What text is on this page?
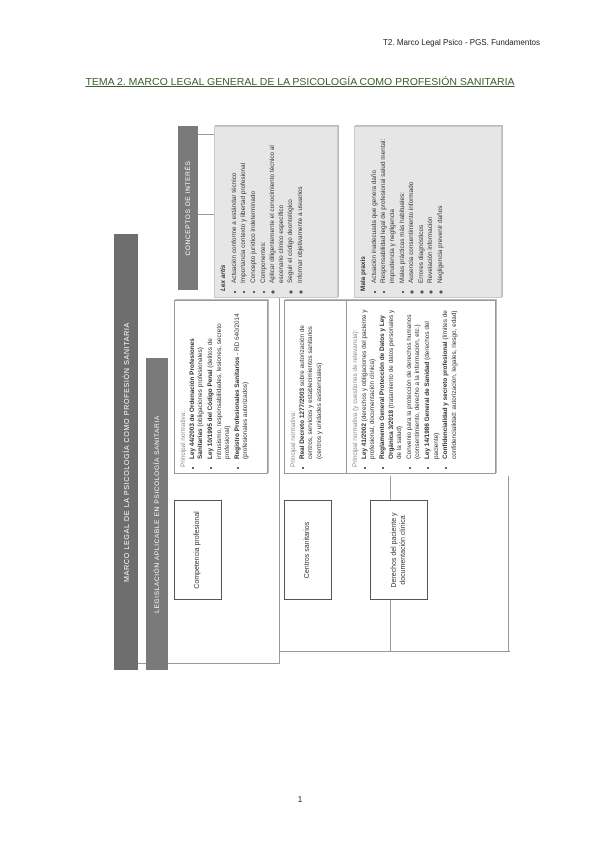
T2. Marco Legal Psico - PGS. Fundamentos
TEMA 2. MARCO LEGAL GENERAL DE LA PSICOLOGÍA COMO PROFESIÓN SANITARIA
MARCO LEGAL DE LA PSICOLOGÍA COMO PROFESIÓN SANITARIA	LEGISLACIÓN APLICABLE EN PSICOLOGÍA SANITARIA
CONCEPTOS DE INTERÉS
Competencia profesional
Principal normativa: • Ley 44/2003 de Ordenación Profesiones Sanitarias (obligaciones profesionales) • Ley 10/1995 del Código Penal (delitos de intrusismo, responsabilidades, lesiones, secreto profesional) • Registro Profesionales Sanitarios - RD 640/2014 (profesionales autorizados)
Centros sanitarios
Principal normativa: • Real Decreto 1277/2003 sobre autorización de centros, servicios y establecimientos sanitarios (centros y unidades asistenciales)
Derechos del paciente y documentación clínica
Principal normativa (y cuestiones de relevancia): • Ley 41/2002 (derechos y obligaciones del paciente y profesional, documentación clínica) • Reglamento General Protección de Datos y Ley Orgánica 3/2018 (tratamiento de datos personales y de la salud) • Convenio para la protección de derechos humanos (consentimiento, derecho a la información, etc.) • Ley 14/1986 General de Sanidad (derechos del paciente) • Confidencialidad y secreto profesional (límites de confidencialidad: autorización, legales, riesgo, edad)
Lex artis • Actuación conforme a estándar técnico • Importancia contexto y libertad profesional • Concepto jurídico indeterminado • Componentes: ◦ Aplicar diligentemente el conocimiento técnico al escenario clínico específico ◦ Seguir el código deontológico ◦ Informar objetivamente a usuarios	Mala praxis • Actuación inadecuada que genera daño • Responsabilidad legal de profesional salud mental: imprudencia y negligencia • Malas prácticas más habituales: ◦ Ausencia consentimiento informado ◦ Errores diagnósticos ◦ Revelación información ◦ Negligencia prevenir daños
1
